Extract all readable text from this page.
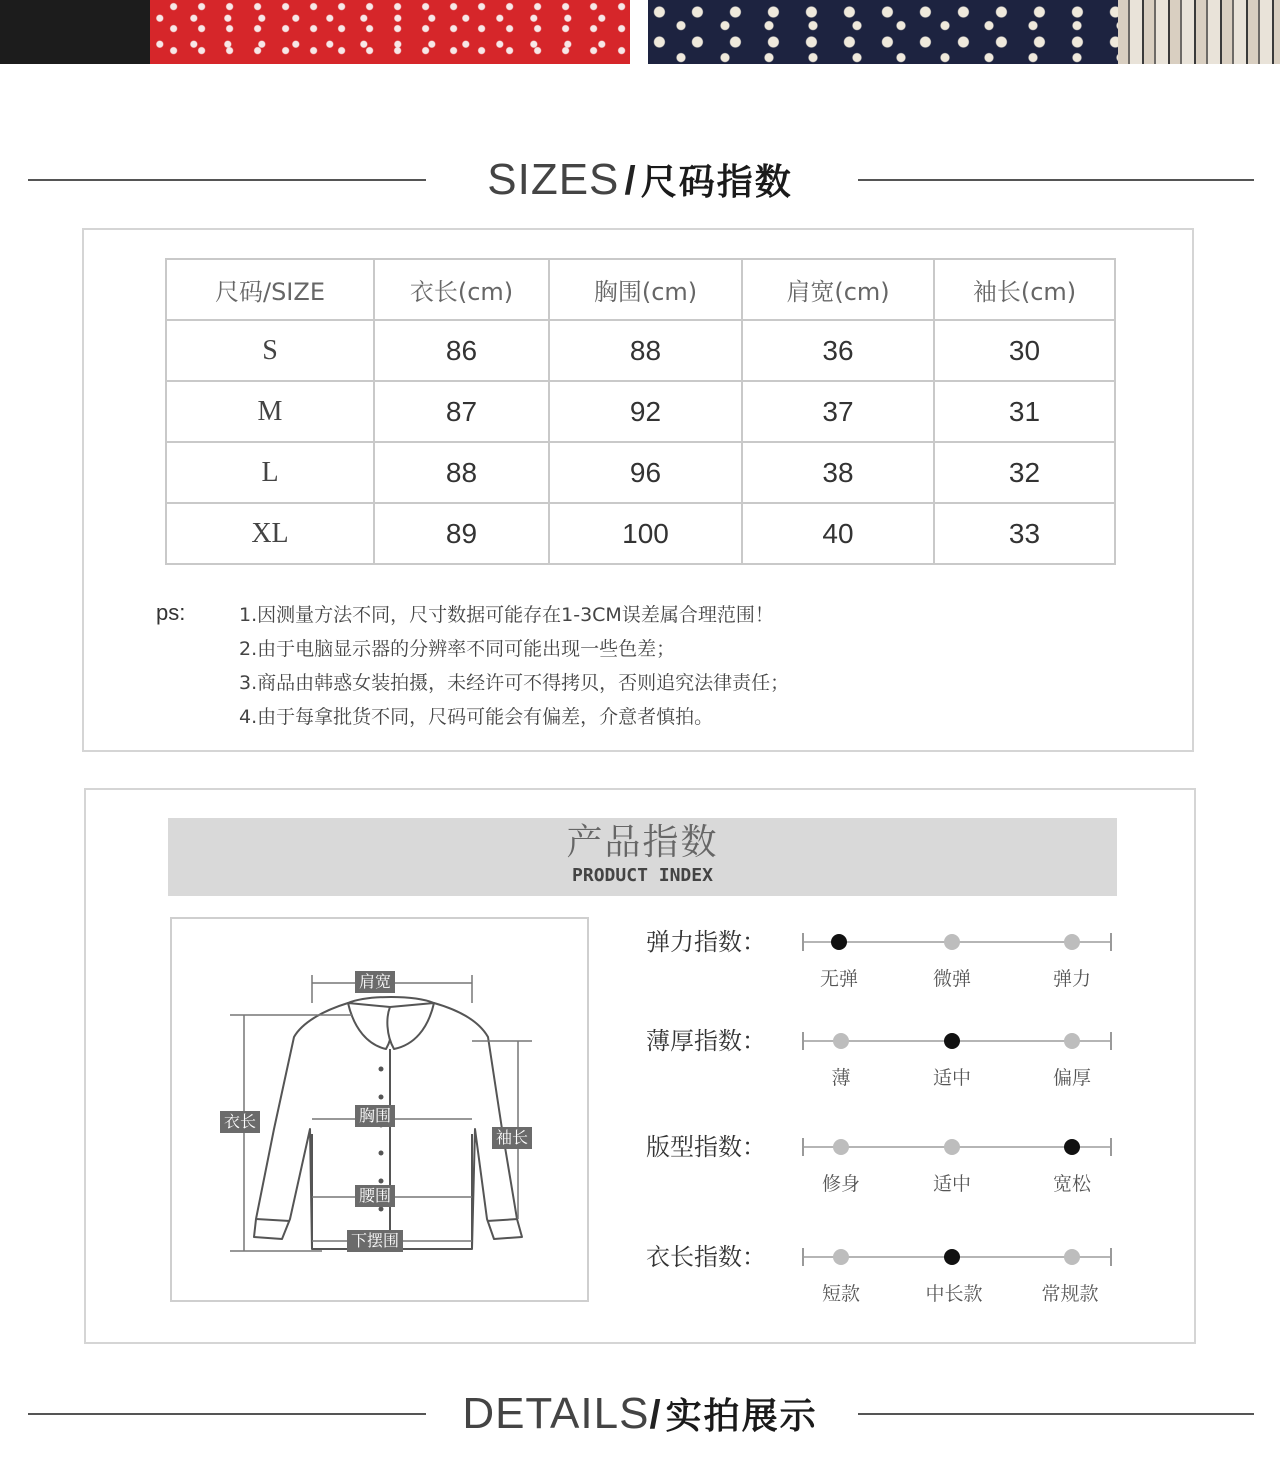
SIZES / 尺码指数
尺码/SIZE	衣长(cm)	胸围(cm)	肩宽(cm)	袖长(cm)
S	86	88	36	30
M	87	92	37	31
L	88	96	38	32
XL	89	100	40	33
ps:	1.因测量方法不同，尺寸数据可能存在1-3CM误差属合理范围！
2.由于电脑显示器的分辨率不同可能出现一些色差；
3.商品由韩惑女装拍摄，未经许可不得拷贝，否则追究法律责任；
4.由于每拿批货不同，尺码可能会有偏差，介意者慎拍。
产品指数
PRODUCT INDEX
肩宽
衣长	胸围
袖长
腰围
下摆围
弹力指数：
无弹	微弹	弹力
薄厚指数：
薄	适中	偏厚
版型指数：
修身	适中	宽松
衣长指数：
短款	中长款	常规款
DETAILS/ 实拍展示
